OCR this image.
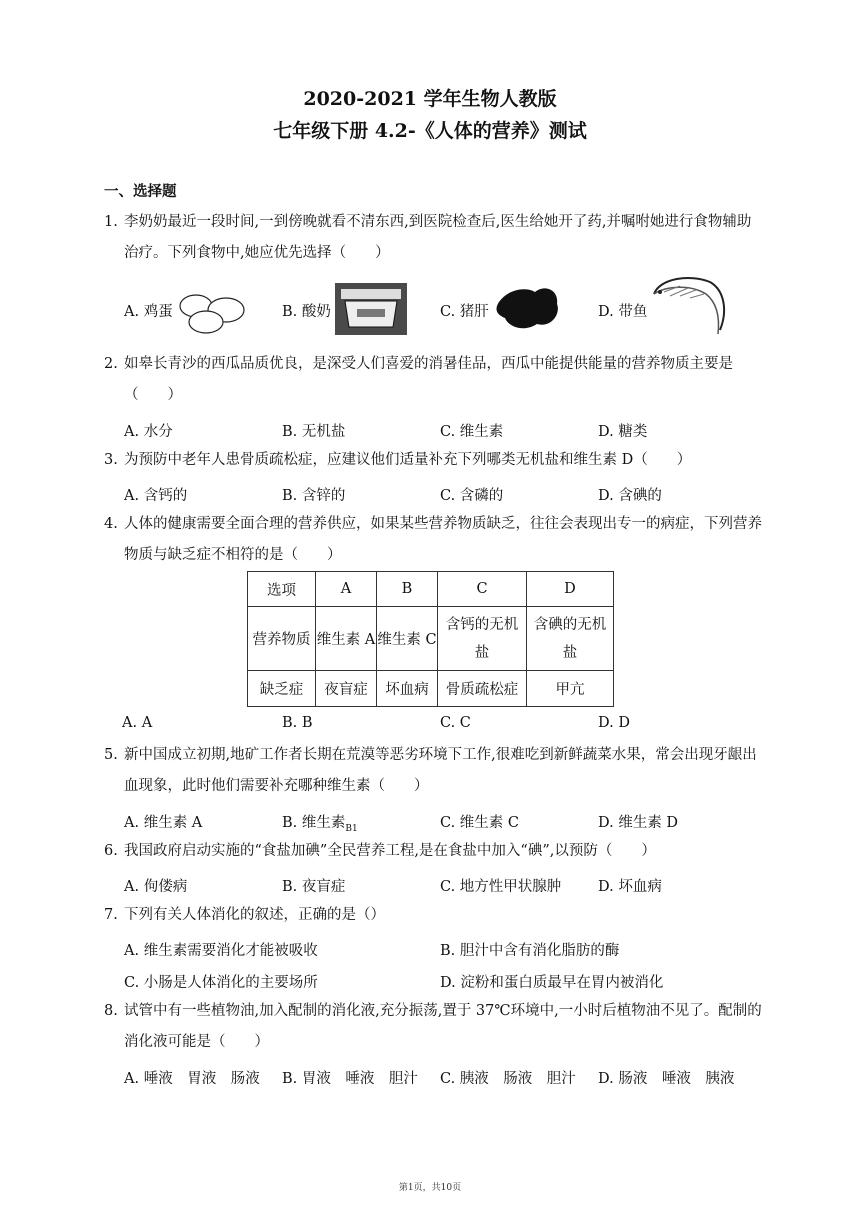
2020-2021 学年生物人教版
七年级下册 4.2-《人体的营养》测试
一、选择题
1. 李奶奶最近一段时间,一到傍晚就看不清东西,到医院检查后,医生给她开了药,并嘱咐她进行食物辅助治疗。下列食物中,她应优先选择（　　）
A. 鸡蛋	B. 酸奶	C. 猪肝	D. 带鱼
2. 如皋长青沙的西瓜品质优良，是深受人们喜爱的消暑佳品，西瓜中能提供能量的营养物质主要是（　　）
A. 水分	B. 无机盐	C. 维生素	D. 糖类
3. 为预防中老年人患骨质疏松症，应建议他们适量补充下列哪类无机盐和维生素 D（　　）
A. 含钙的	B. 含锌的	C. 含磷的	D. 含碘的
4. 人体的健康需要全面合理的营养供应，如果某些营养物质缺乏，往往会表现出专一的病症，下列营养物质与缺乏症不相符的是（　　）
选项	A	B	C	D
营养物质	维生素 A	维生素 C	含钙的无机盐	含碘的无机盐
缺乏症	夜盲症	坏血病	骨质疏松症	甲亢
A. A	B. B	C. C	D. D
5. 新中国成立初期,地矿工作者长期在荒漠等恶劣环境下工作,很难吃到新鲜蔬菜水果，常会出现牙龈出血现象，此时他们需要补充哪种维生素（　　）
A. 维生素 A	B. 维生素$_{B1}$	C. 维生素 C	D. 维生素 D
6. 我国政府启动实施的“食盐加碘”全民营养工程,是在食盐中加入“碘”,以预防（　　）
A. 佝偻病	B. 夜盲症	C. 地方性甲状腺肿	D. 坏血病
7. 下列有关人体消化的叙述，正确的是（）
A. 维生素需要消化才能被吸收	B. 胆汁中含有消化脂肪的酶
C. 小肠是人体消化的主要场所	D. 淀粉和蛋白质最早在胃内被消化
8. 试管中有一些植物油,加入配制的消化液,充分振荡,置于 37℃环境中,一小时后植物油不见了。配制的消化液可能是（　　）
A. 唾液　胃液　肠液 B. 胃液　唾液　胆汁 C. 胰液　肠液　胆汁 D. 肠液　唾液　胰液
第1页，共10页
